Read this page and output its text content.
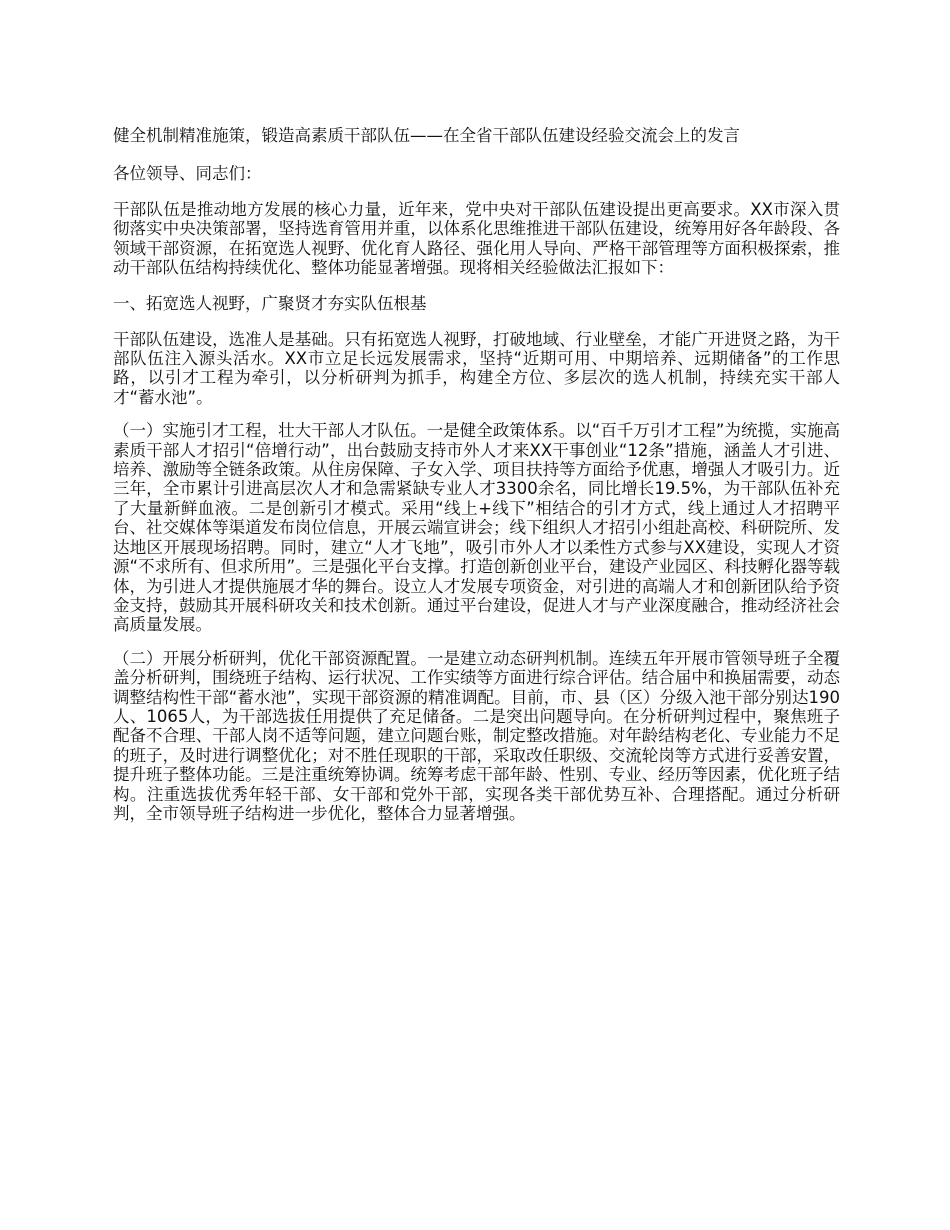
健全机制精准施策，锻造高素质干部队伍——在全省干部队伍建设经验交流会上的发言
各位领导、同志们：
干部队伍是推动地方发展的核心力量，近年来，党中央对干部队伍建设提出更高要求。XX市深入贯彻落实中央决策部署，坚持选育管用并重，以体系化思维推进干部队伍建设，统筹用好各年龄段、各领域干部资源，在拓宽选人视野、优化育人路径、强化用人导向、严格干部管理等方面积极探索，推动干部队伍结构持续优化、整体功能显著增强。现将相关经验做法汇报如下：
一、拓宽选人视野，广聚贤才夯实队伍根基
干部队伍建设，选准人是基础。只有拓宽选人视野，打破地域、行业壁垒，才能广开进贤之路，为干部队伍注入源头活水。XX市立足长远发展需求，坚持“近期可用、中期培养、远期储备”的工作思路，以引才工程为牵引，以分析研判为抓手，构建全方位、多层次的选人机制，持续充实干部人才“蓄水池”。
（一）实施引才工程，壮大干部人才队伍。一是健全政策体系。以“百千万引才工程”为统揽，实施高素质干部人才招引“倍增行动”，出台鼓励支持市外人才来XX干事创业“12条”措施，涵盖人才引进、培养、激励等全链条政策。从住房保障、子女入学、项目扶持等方面给予优惠，增强人才吸引力。近三年，全市累计引进高层次人才和急需紧缺专业人才3300余名，同比增长19.5%，为干部队伍补充了大量新鲜血液。二是创新引才模式。采用“线上+线下”相结合的引才方式，线上通过人才招聘平台、社交媒体等渠道发布岗位信息，开展云端宣讲会；线下组织人才招引小组赴高校、科研院所、发达地区开展现场招聘。同时，建立“人才飞地”，吸引市外人才以柔性方式参与XX建设，实现人才资源“不求所有、但求所用”。三是强化平台支撑。打造创新创业平台，建设产业园区、科技孵化器等载体，为引进人才提供施展才华的舞台。设立人才发展专项资金，对引进的高端人才和创新团队给予资金支持，鼓励其开展科研攻关和技术创新。通过平台建设，促进人才与产业深度融合，推动经济社会高质量发展。
（二）开展分析研判，优化干部资源配置。一是建立动态研判机制。连续五年开展市管领导班子全覆盖分析研判，围绕班子结构、运行状况、工作实绩等方面进行综合评估。结合届中和换届需要，动态调整结构性干部“蓄水池”，实现干部资源的精准调配。目前，市、县（区）分级入池干部分别达190人、1065人，为干部选拔任用提供了充足储备。二是突出问题导向。在分析研判过程中，聚焦班子配备不合理、干部人岗不适等问题，建立问题台账，制定整改措施。对年龄结构老化、专业能力不足的班子，及时进行调整优化；对不胜任现职的干部，采取改任职级、交流轮岗等方式进行妥善安置，提升班子整体功能。三是注重统筹协调。统筹考虑干部年龄、性别、专业、经历等因素，优化班子结构。注重选拔优秀年轻干部、女干部和党外干部，实现各类干部优势互补、合理搭配。通过分析研判，全市领导班子结构进一步优化，整体合力显著增强。
